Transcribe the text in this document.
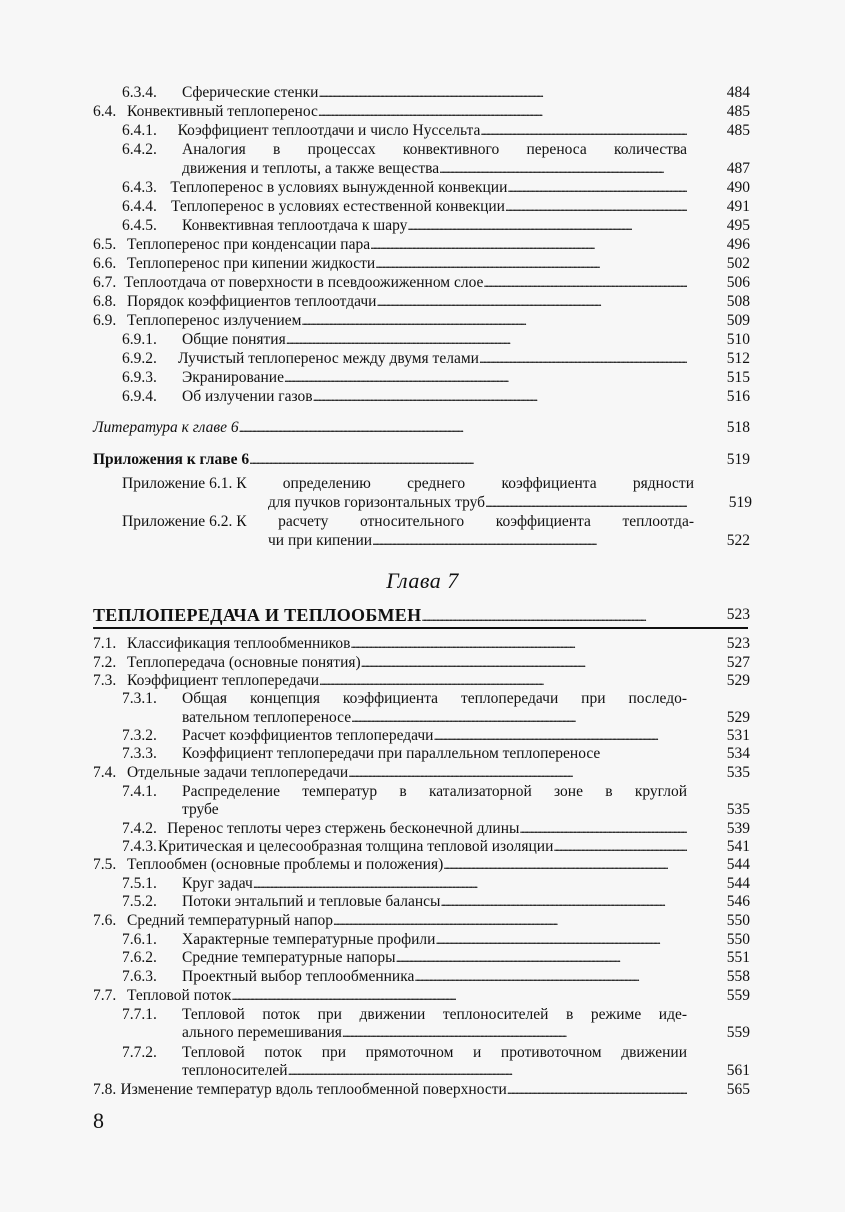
6.3.4.	Сферические стенки . . .	484
6.4. Конвективный теплоперенос . . .	485
6.4.1.	Коэффициент теплоотдачи и число Нуссельта . . .	485
6.4.2.	Аналогия в процессах конвективного переноса количества
движения и теплоты, а также вещества . . .	487
6.4.3. Теплоперенос в условиях вынужденной конвекции . . .	490
6.4.4. Теплоперенос в условиях естественной конвекции . . .	491
6.4.5.	Конвективная теплоотдача к шару . . .	495
6.5. Теплоперенос при конденсации пара . . .	496
6.6. Теплоперенос при кипении жидкости . . .	502
6.7. Теплоотдача от поверхности в псевдоожиженном слое . . .	506
6.8. Порядок коэффициентов теплоотдачи . . .	508
6.9. Теплоперенос излучением . . .	509
6.9.1.	Общие понятия . . .	510
6.9.2.	Лучистый теплоперенос между двумя телами . . .	512
6.9.3.	Экранирование . . .	515
6.9.4.	Об излучении газов . . .	516
Литература к главе 6 . . .	518
Приложения к главе 6 . . .	519
Приложение 6.1.
К определению среднего коэффициента рядности
для пучков горизонтальных труб . . .	519
Приложение 6.2.
К расчету относительного коэффициента теплоотда-
чи при кипении . . .	522
Глава 7
ТЕПЛОПЕРЕДАЧА И ТЕПЛООБМЕН . . .	523
7.1. Классификация теплообменников . . .	523
7.2. Теплопередача (основные понятия) . . .	527
7.3. Коэффициент теплопередачи . . .	529
7.3.1.	Общая концепция коэффициента теплопередачи при последо-
вательном теплопереносе . . .	529
7.3.2.	Расчет коэффициентов теплопередачи . . .	531
7.3.3.	Коэффициент теплопередачи при параллельном теплопереносе	534
7.4. Отдельные задачи теплопередачи . . .	535
7.4.1.	Распределение температур в катализаторной зоне в круглой
трубе	535
7.4.2. Перенос теплоты через стержень бесконечной длины . . .	539
7.4.3. Критическая и целесообразная толщина тепловой изоляции . . .	541
7.5. Теплообмен (основные проблемы и положения) . . .	544
7.5.1.	Круг задач . . .	544
7.5.2.	Потоки энтальпий и тепловые балансы . . .	546
7.6. Средний температурный напор . . .	550
7.6.1.	Характерные температурные профили . . .	550
7.6.2.	Средние температурные напоры . . .	551
7.6.3.	Проектный выбор теплообменника . . .	558
7.7. Тепловой поток . . .	559
7.7.1.	Тепловой поток при движении теплоносителей в режиме иде-
ального перемешивания . . .	559
7.7.2.	Тепловой поток при прямоточном и противоточном движении
теплоносителей . . .	561
7.8. Изменение температур вдоль теплообменной поверхности . . .	565
8
